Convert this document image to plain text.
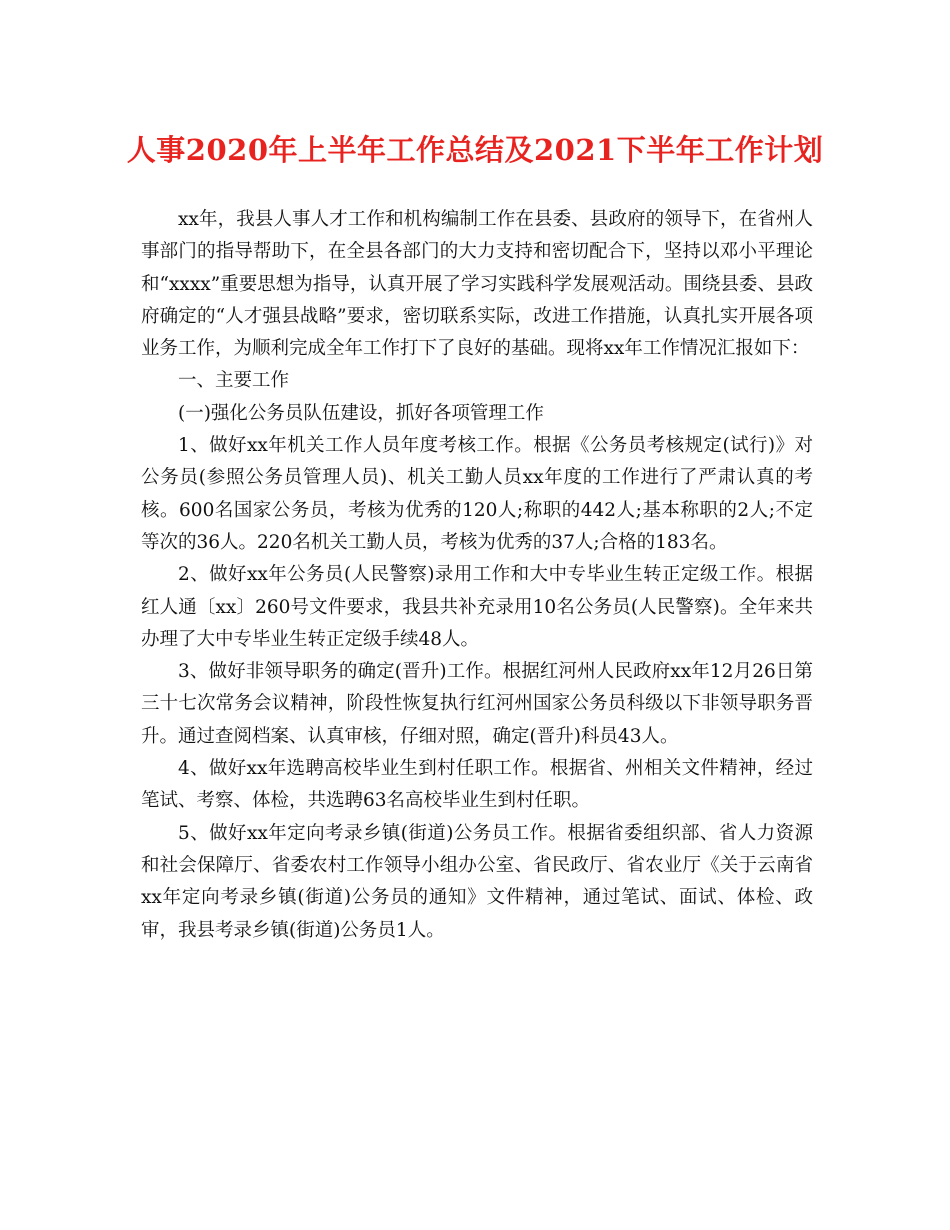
人事2020年上半年工作总结及2021下半年工作计划

xx年，我县人事人才工作和机构编制工作在县委、县政府的领导下，在省州人事部门的指导帮助下，在全县各部门的大力支持和密切配合下，坚持以邓小平理论和“xxxx”重要思想为指导，认真开展了学习实践科学发展观活动。围绕县委、县政府确定的“人才强县战略”要求，密切联系实际，改进工作措施，认真扎实开展各项业务工作，为顺利完成全年工作打下了良好的基础。现将xx年工作情况汇报如下：

一、主要工作

(一)强化公务员队伍建设，抓好各项管理工作

1、做好xx年机关工作人员年度考核工作。根据《公务员考核规定(试行)》对公务员(参照公务员管理人员)、机关工勤人员xx年度的工作进行了严肃认真的考核。600名国家公务员，考核为优秀的120人;称职的442人;基本称职的2人;不定等次的36人。220名机关工勤人员，考核为优秀的37人;合格的183名。

2、做好xx年公务员(人民警察)录用工作和大中专毕业生转正定级工作。根据红人通〔xx〕260号文件要求，我县共补充录用10名公务员(人民警察)。全年来共办理了大中专毕业生转正定级手续48人。

3、做好非领导职务的确定(晋升)工作。根据红河州人民政府xx年12月26日第三十七次常务会议精神，阶段性恢复执行红河州国家公务员科级以下非领导职务晋升。通过查阅档案、认真审核，仔细对照，确定(晋升)科员43人。

4、做好xx年选聘高校毕业生到村任职工作。根据省、州相关文件精神，经过笔试、考察、体检，共选聘63名高校毕业生到村任职。

5、做好xx年定向考录乡镇(街道)公务员工作。根据省委组织部、省人力资源和社会保障厅、省委农村工作领导小组办公室、省民政厅、省农业厅《关于云南省xx年定向考录乡镇(街道)公务员的通知》文件精神，通过笔试、面试、体检、政审，我县考录乡镇(街道)公务员1人。
